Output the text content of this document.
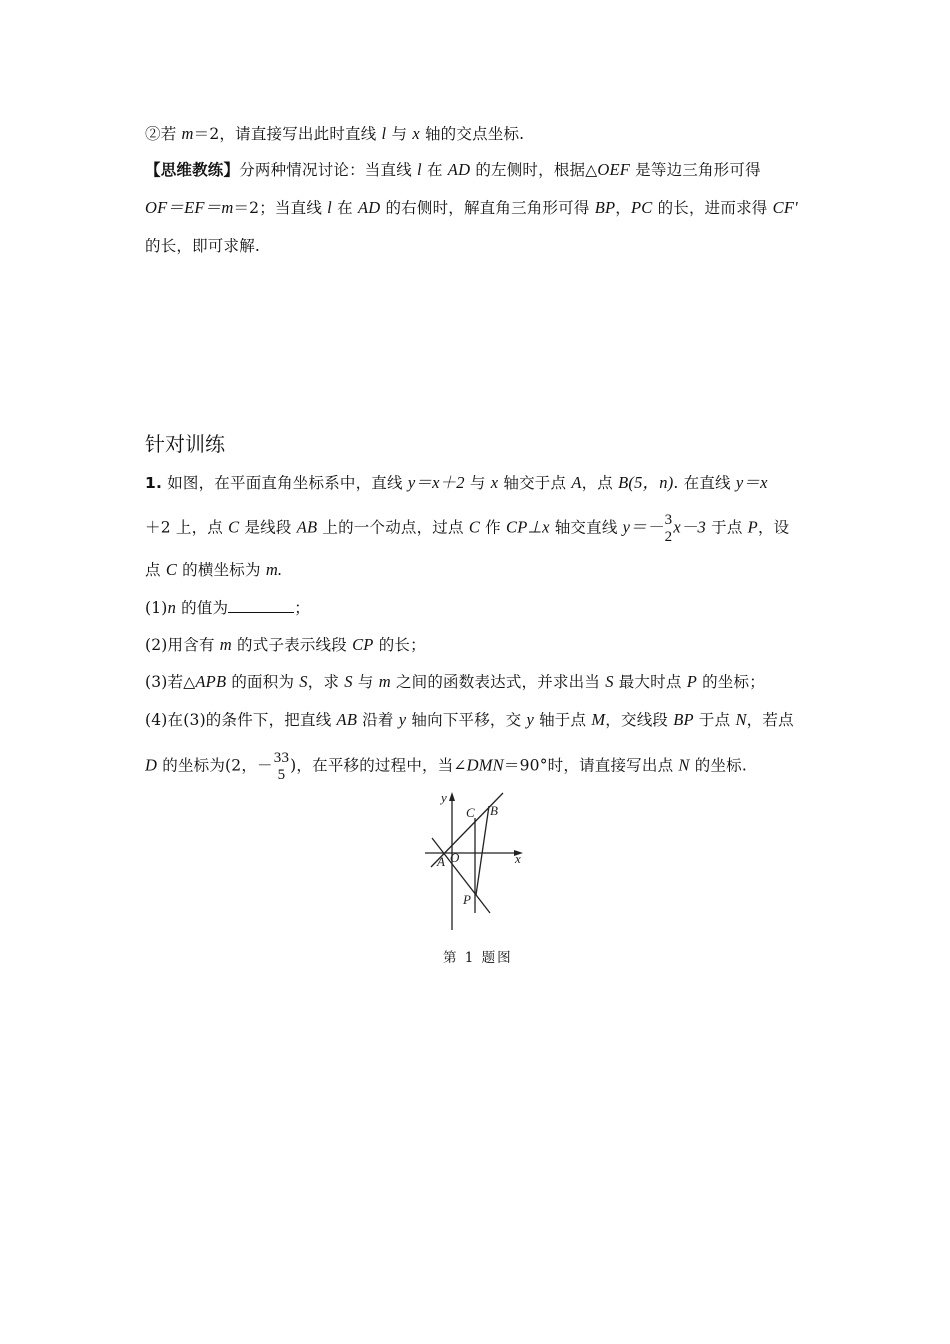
②若 m＝2，请直接写出此时直线 l 与 x 轴的交点坐标.
【思维教练】分两种情况讨论：当直线 l 在 AD 的左侧时，根据△OEF 是等边三角形可得
OF＝EF＝m＝2；当直线 l 在 AD 的右侧时，解直角三角形可得 BP，PC 的长，进而求得 CF′
的长，即可求解.
针对训练
1. 如图，在平面直角坐标系中，直线 y＝x＋2 与 x 轴交于点 A，点 B(5，n). 在直线 y＝x
＋2 上，点 C 是线段 AB 上的一个动点，过点 C 作 CP⊥x 轴交直线 y＝－ 3
2
x－3 于点 P，设
点 C 的横坐标为 m.
(1)n 的值为	；
(2)用含有 m 的式子表示线段 CP 的长；
(3)若△APB 的面积为 S，求 S 与 m 之间的函数表达式，并求出当 S 最大时点 P 的坐标；
(4)在(3)的条件下，把直线 AB 沿着 y 轴向下平移，交 y 轴于点 M，交线段 BP 于点 N，若点
D 的坐标为(2，－ 33
5
)，在平移的过程中，当∠DMN＝90°时，请直接写出点 N 的坐标.
y
C B
x
A O
P
第 1 题图
